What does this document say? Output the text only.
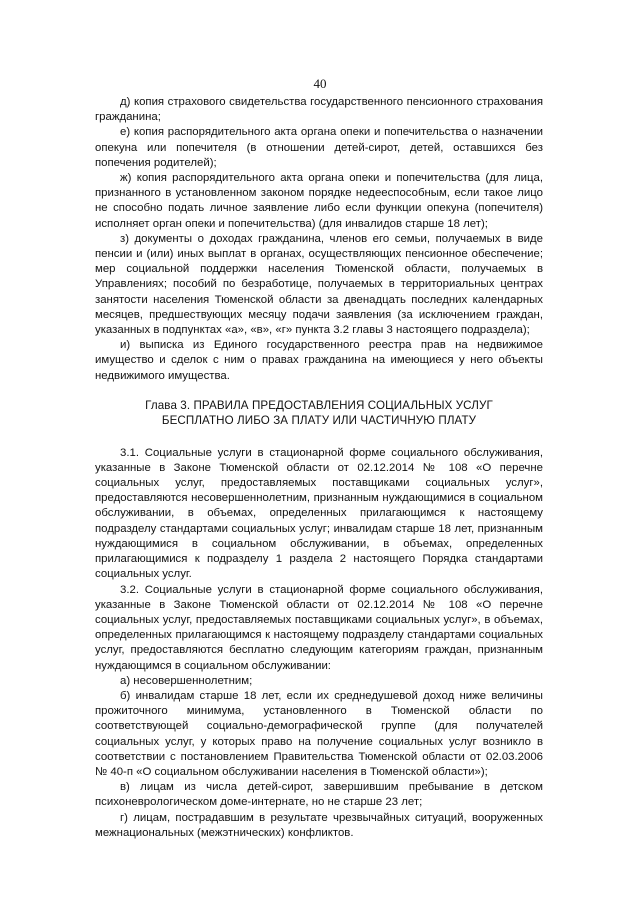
40

д) копия страхового свидетельства государственного пенсионного страхования гражданина;

е) копия распорядительного акта органа опеки и попечительства о назначении опекуна или попечителя (в отношении детей-сирот, детей, оставшихся без попечения родителей);

ж) копия распорядительного акта органа опеки и попечительства (для лица, признанного в установленном законом порядке недееспособным, если такое лицо не способно подать личное заявление либо если функции опекуна (попечителя) исполняет орган опеки и попечительства) (для инвалидов старше 18 лет);

з) документы о доходах гражданина, членов его семьи, получаемых в виде пенсии и (или) иных выплат в органах, осуществляющих пенсионное обеспечение; мер социальной поддержки населения Тюменской области, получаемых в Управлениях; пособий по безработице, получаемых в территориальных центрах занятости населения Тюменской области за двенадцать последних календарных месяцев, предшествующих месяцу подачи заявления (за исключением граждан, указанных в подпунктах «а», «в», «г» пункта 3.2 главы 3 настоящего подраздела);

и) выписка из Единого государственного реестра прав на недвижимое имущество и сделок с ним о правах гражданина на имеющиеся у него объекты недвижимого имущества.

Глава 3. ПРАВИЛА ПРЕДОСТАВЛЕНИЯ СОЦИАЛЬНЫХ УСЛУГ
БЕСПЛАТНО ЛИБО ЗА ПЛАТУ ИЛИ ЧАСТИЧНУЮ ПЛАТУ

3.1. Социальные услуги в стационарной форме социального обслуживания, указанные в Законе Тюменской области от 02.12.2014 № 108 «О перечне социальных услуг, предоставляемых поставщиками социальных услуг», предоставляются несовершеннолетним, признанным нуждающимися в социальном обслуживании, в объемах, определенных прилагающимся к настоящему подразделу стандартами социальных услуг; инвалидам старше 18 лет, признанным нуждающимися в социальном обслуживании, в объемах, определенных прилагающимися к подразделу 1 раздела 2 настоящего Порядка стандартами социальных услуг.

3.2. Социальные услуги в стационарной форме социального обслуживания, указанные в Законе Тюменской области от 02.12.2014 № 108 «О перечне социальных услуг, предоставляемых поставщиками социальных услуг», в объемах, определенных прилагающимся к настоящему подразделу стандартами социальных услуг, предоставляются бесплатно следующим категориям граждан, признанным нуждающимся в социальном обслуживании:

а) несовершеннолетним;

б) инвалидам старше 18 лет, если их среднедушевой доход ниже величины прожиточного минимума, установленного в Тюменской области по соответствующей социально-демографической группе (для получателей социальных услуг, у которых право на получение социальных услуг возникло в соответствии с постановлением Правительства Тюменской области от 02.03.2006 № 40-п «О социальном обслуживании населения в Тюменской области»);

в) лицам из числа детей-сирот, завершившим пребывание в детском психоневрологическом доме-интернате, но не старше 23 лет;

г) лицам, пострадавшим в результате чрезвычайных ситуаций, вооруженных межнациональных (межэтнических) конфликтов.
